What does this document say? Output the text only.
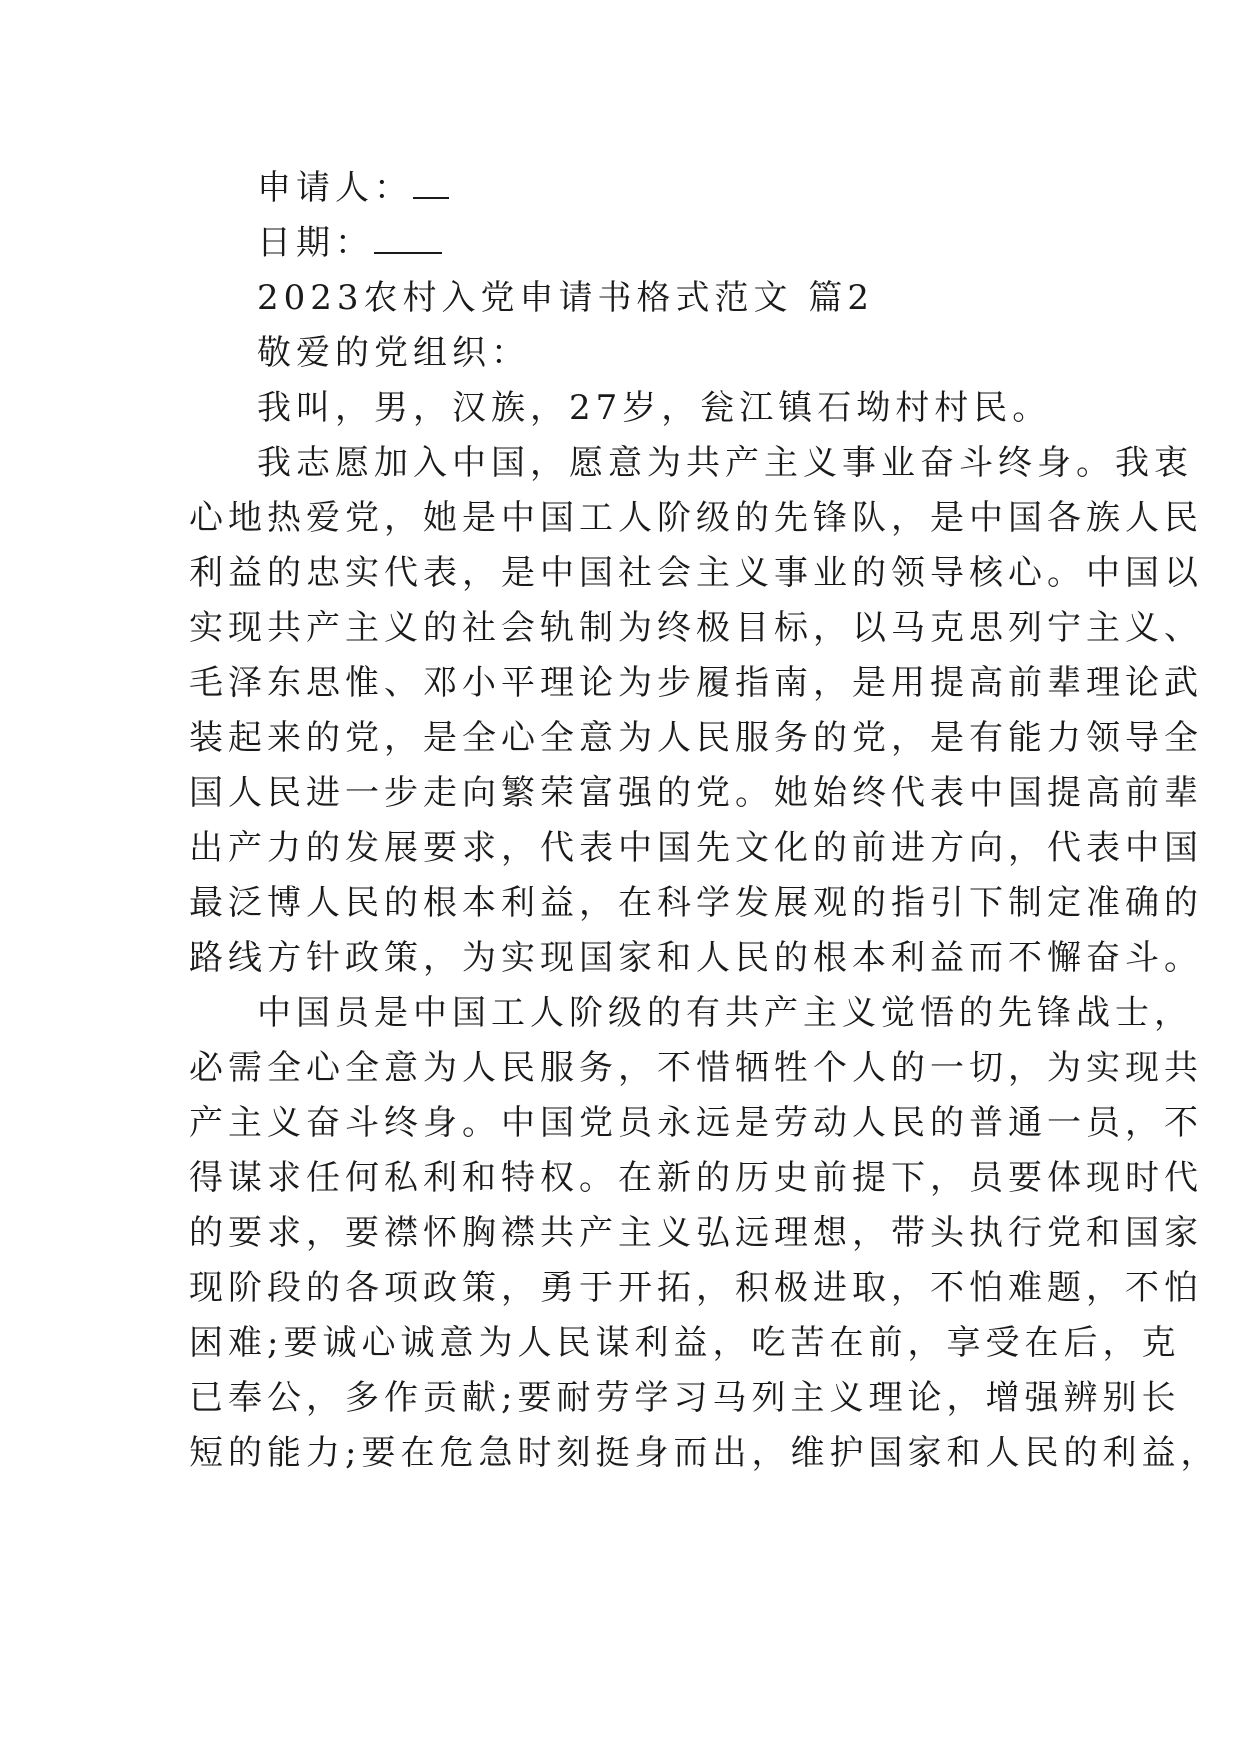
申请人：
日期：
2023农村入党申请书格式范文 篇2
敬爱的党组织：
我叫，男，汉族，27岁，瓮江镇石坳村村民。
我志愿加入中国，愿意为共产主义事业奋斗终身。我衷
心地热爱党，她是中国工人阶级的先锋队，是中国各族人民
利益的忠实代表，是中国社会主义事业的领导核心。中国以
实现共产主义的社会轨制为终极目标，以马克思列宁主义、
毛泽东思惟、邓小平理论为步履指南，是用提高前辈理论武
装起来的党，是全心全意为人民服务的党，是有能力领导全
国人民进一步走向繁荣富强的党。她始终代表中国提高前辈
出产力的发展要求，代表中国先文化的前进方向，代表中国
最泛博人民的根本利益，在科学发展观的指引下制定准确的
路线方针政策，为实现国家和人民的根本利益而不懈奋斗。
中国员是中国工人阶级的有共产主义觉悟的先锋战士，
必需全心全意为人民服务，不惜牺牲个人的一切，为实现共
产主义奋斗终身。中国党员永远是劳动人民的普通一员，不
得谋求任何私利和特权。在新的历史前提下，员要体现时代
的要求，要襟怀胸襟共产主义弘远理想，带头执行党和国家
现阶段的各项政策，勇于开拓，积极进取，不怕难题，不怕
困难;要诚心诚意为人民谋利益，吃苦在前，享受在后，克
已奉公，多作贡献;要耐劳学习马列主义理论，增强辨别长
短的能力;要在危急时刻挺身而出，维护国家和人民的利益，
